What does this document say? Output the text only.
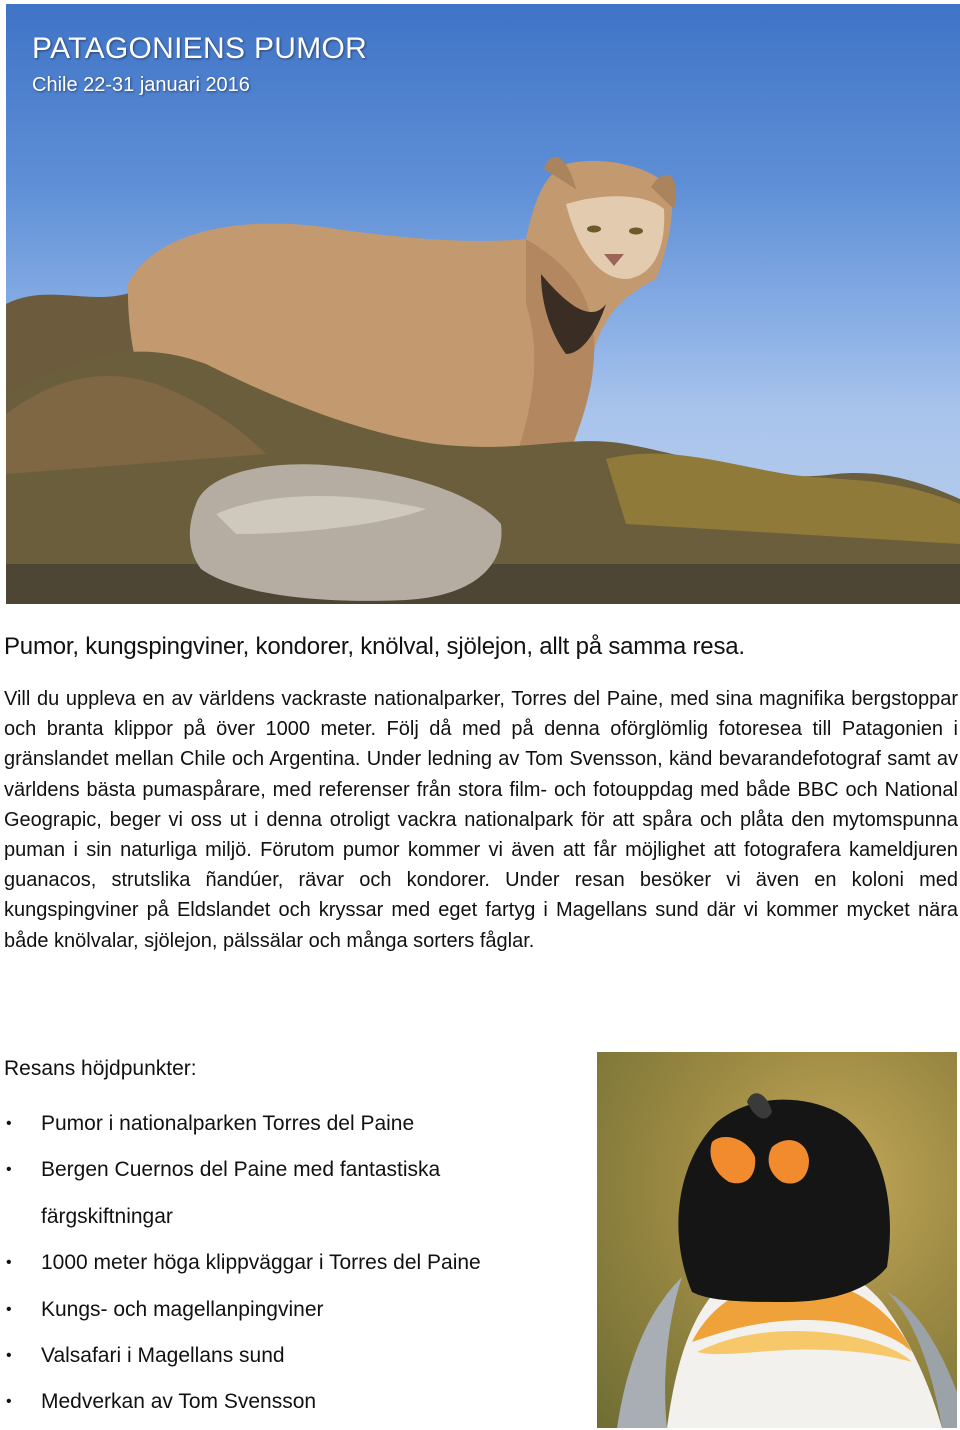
PATAGONIENS PUMOR

Chile 22-31 januari 2016

Pumor, kungspingviner, kondorer, knölval, sjölejon, allt på samma resa.

Vill du uppleva en av världens vackraste nationalparker, Torres del Paine, med sina magnifika bergstoppar och branta klippor på över 1000 meter. Följ då med på denna oförglömlig fotoresea till Patagonien i gränslandet mellan Chile och Argentina. Under ledning av Tom Svensson, känd bevarandefotograf samt av världens bästa pumaspårare, med referenser från stora film- och fotouppdag med både BBC och National Geograpic, beger vi oss ut i denna otroligt vackra nationalpark för att spåra och plåta den mytomspunna puman i sin naturliga miljö. Förutom pumor kommer vi även att får möjlighet att fotografera kameldjuren guanacos, strutslika ñandúer, rävar och kondorer. Under resan besöker vi även en koloni med kungspingviner på Eldslandet och kryssar med eget fartyg i Magellans sund där vi kommer mycket nära både knölvalar, sjölejon, pälssälar och många sorters fåglar.

Resans höjdpunkter:
• Pumor i nationalparken Torres del Paine
• Bergen Cuernos del Paine med fantastiska färgskiftningar
• 1000 meter höga klippväggar i Torres del Paine
• Kungs- och magellanpingviner
• Valsafari i Magellans sund
• Medverkan av Tom Svensson
